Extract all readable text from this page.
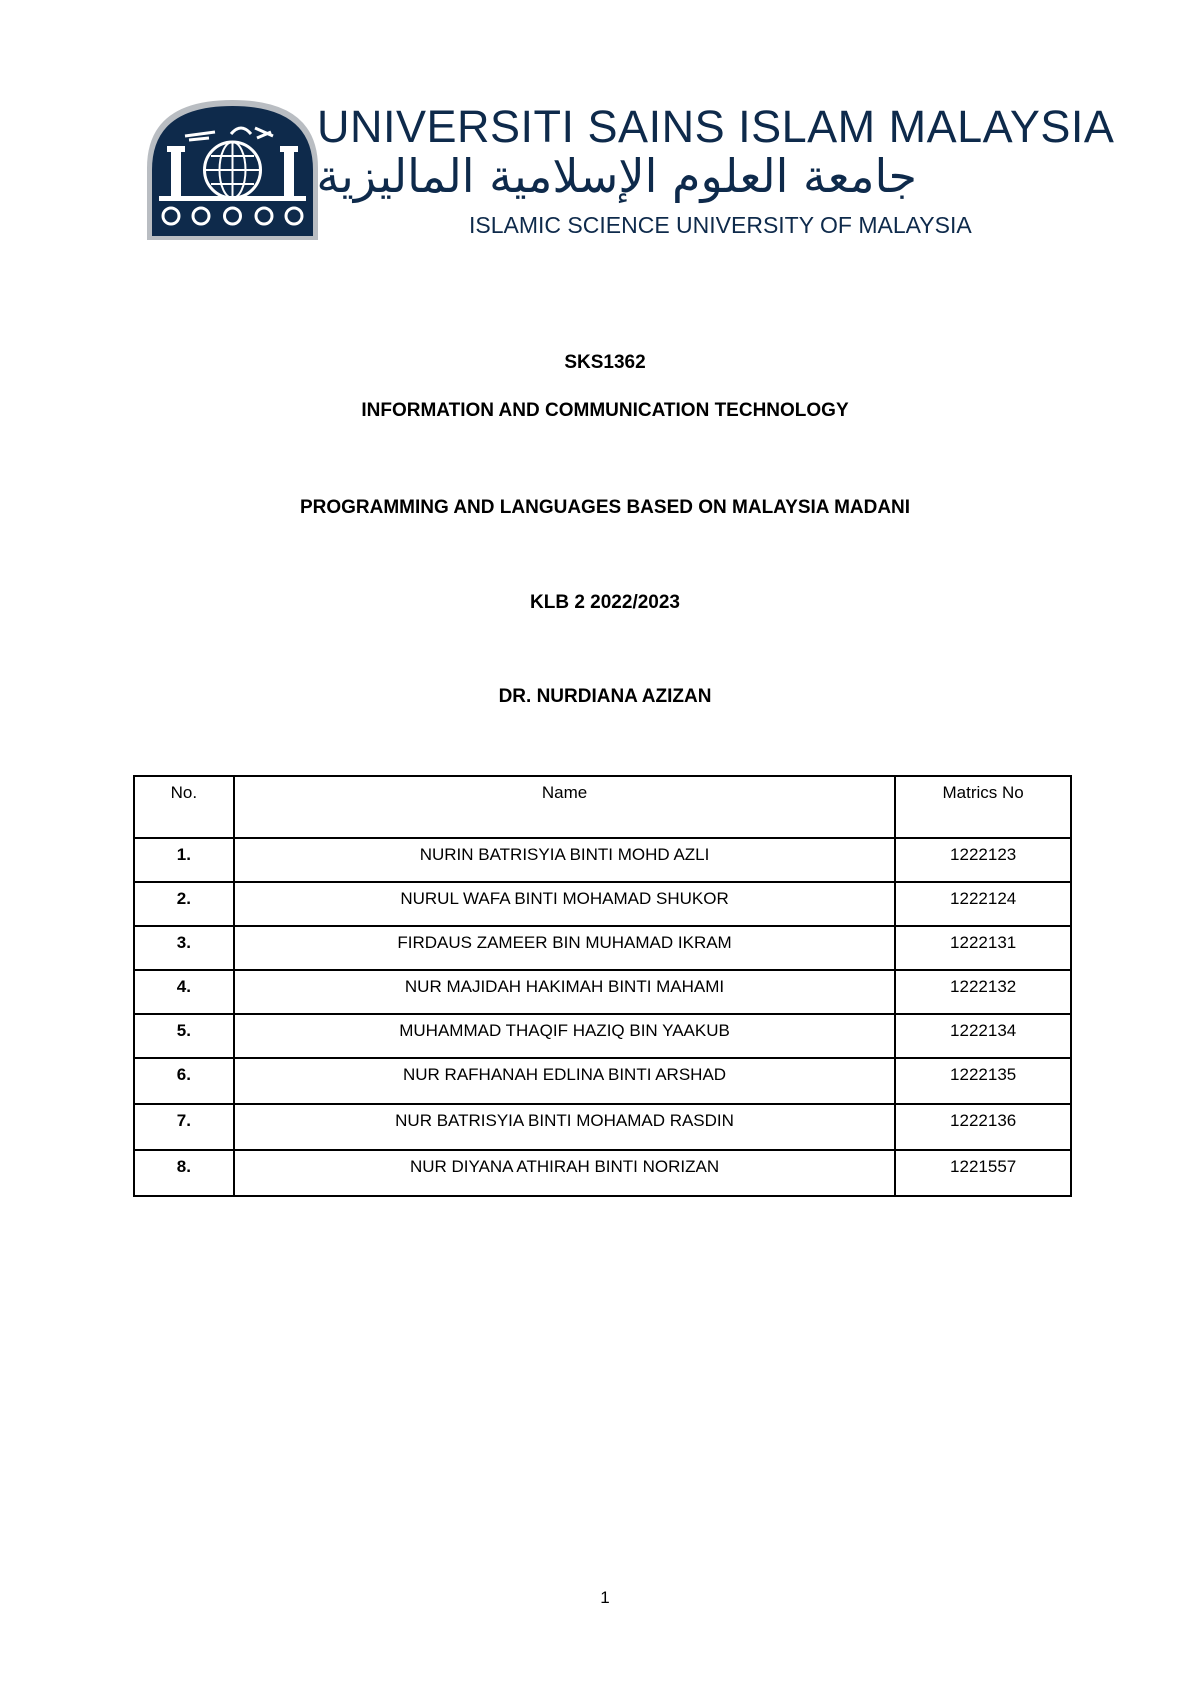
UNIVERSITI SAINS ISLAM MALAYSIA
جامعة العلوم الإسلامية الماليزية
ISLAMIC SCIENCE UNIVERSITY OF MALAYSIA
SKS1362
INFORMATION AND COMMUNICATION TECHNOLOGY
PROGRAMMING AND LANGUAGES BASED ON MALAYSIA MADANI
KLB 2 2022/2023
DR. NURDIANA AZIZAN
No.	Name	Matrics No
1.	NURIN BATRISYIA BINTI MOHD AZLI	1222123
2.	NURUL WAFA BINTI MOHAMAD SHUKOR	1222124
3.	FIRDAUS ZAMEER BIN MUHAMAD IKRAM	1222131
4.	NUR MAJIDAH HAKIMAH BINTI MAHAMI	1222132
5.	MUHAMMAD THAQIF HAZIQ BIN YAAKUB	1222134
6.	NUR RAFHANAH EDLINA BINTI ARSHAD	1222135
7.	NUR BATRISYIA BINTI MOHAMAD RASDIN	1222136
8.	NUR DIYANA ATHIRAH BINTI NORIZAN	1221557
1
